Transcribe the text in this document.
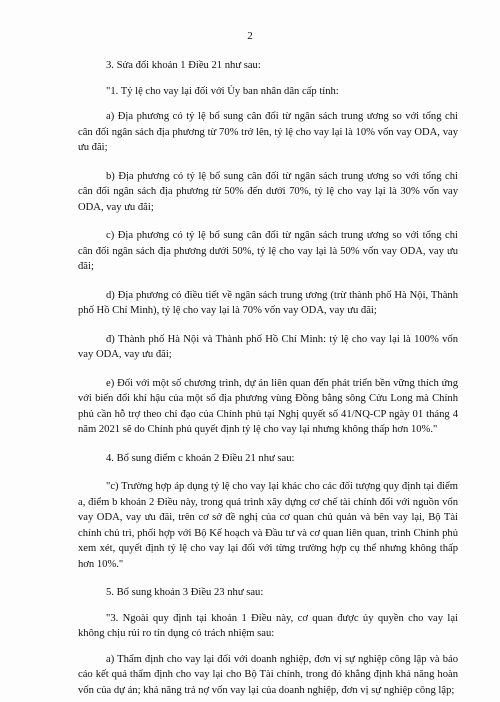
2

3. Sửa đổi khoản 1 Điều 21 như sau:

"1. Tỷ lệ cho vay lại đối với Ủy ban nhân dân cấp tỉnh:

a) Địa phương có tỷ lệ bổ sung cân đối từ ngân sách trung ương so với tổng chi cân đối ngân sách địa phương từ 70% trở lên, tỷ lệ cho vay lại là 10% vốn vay ODA, vay ưu đãi;

b) Địa phương có tỷ lệ bổ sung cân đối từ ngân sách trung ương so với tổng chi cân đối ngân sách địa phương từ 50% đến dưới 70%, tỷ lệ cho vay lại là 30% vốn vay ODA, vay ưu đãi;

c) Địa phương có tỷ lệ bổ sung cân đối từ ngân sách trung ương so với tổng chi cân đối ngân sách địa phương dưới 50%, tỷ lệ cho vay lại là 50% vốn vay ODA, vay ưu đãi;

d) Địa phương có điều tiết về ngân sách trung ương (trừ thành phố Hà Nội, Thành phố Hồ Chí Minh), tỷ lệ cho vay lại là 70% vốn vay ODA, vay ưu đãi;

đ) Thành phố Hà Nội và Thành phố Hồ Chí Minh: tỷ lệ cho vay lại là 100% vốn vay ODA, vay ưu đãi;

e) Đối với một số chương trình, dự án liên quan đến phát triển bền vững thích ứng với biến đổi khí hậu của một số địa phương vùng Đồng bằng sông Cửu Long mà Chính phủ cần hỗ trợ theo chỉ đạo của Chính phủ tại Nghị quyết số 41/NQ-CP ngày 01 tháng 4 năm 2021 sẽ do Chính phủ quyết định tỷ lệ cho vay lại nhưng không thấp hơn 10%."

4. Bổ sung điểm c khoản 2 Điều 21 như sau:

"c) Trường hợp áp dụng tỷ lệ cho vay lại khác cho các đối tượng quy định tại điểm a, điểm b khoản 2 Điều này, trong quá trình xây dựng cơ chế tài chính đối với nguồn vốn vay ODA, vay ưu đãi, trên cơ sở đề nghị của cơ quan chủ quản và bên vay lại, Bộ Tài chính chủ trì, phối hợp với Bộ Kế hoạch và Đầu tư và cơ quan liên quan, trình Chính phủ xem xét, quyết định tỷ lệ cho vay lại đối với từng trường hợp cụ thể nhưng không thấp hơn 10%."

5. Bổ sung khoản 3 Điều 23 như sau:

"3. Ngoài quy định tại khoản 1 Điều này, cơ quan được ủy quyền cho vay lại không chịu rủi ro tín dụng có trách nhiệm sau:

a) Thẩm định cho vay lại đối với doanh nghiệp, đơn vị sự nghiệp công lập và báo cáo kết quả thẩm định cho vay lại cho Bộ Tài chính, trong đó khẳng định khả năng hoàn vốn của dự án; khả năng trả nợ vốn vay lại của doanh nghiệp, đơn vị sự nghiệp công lập;
